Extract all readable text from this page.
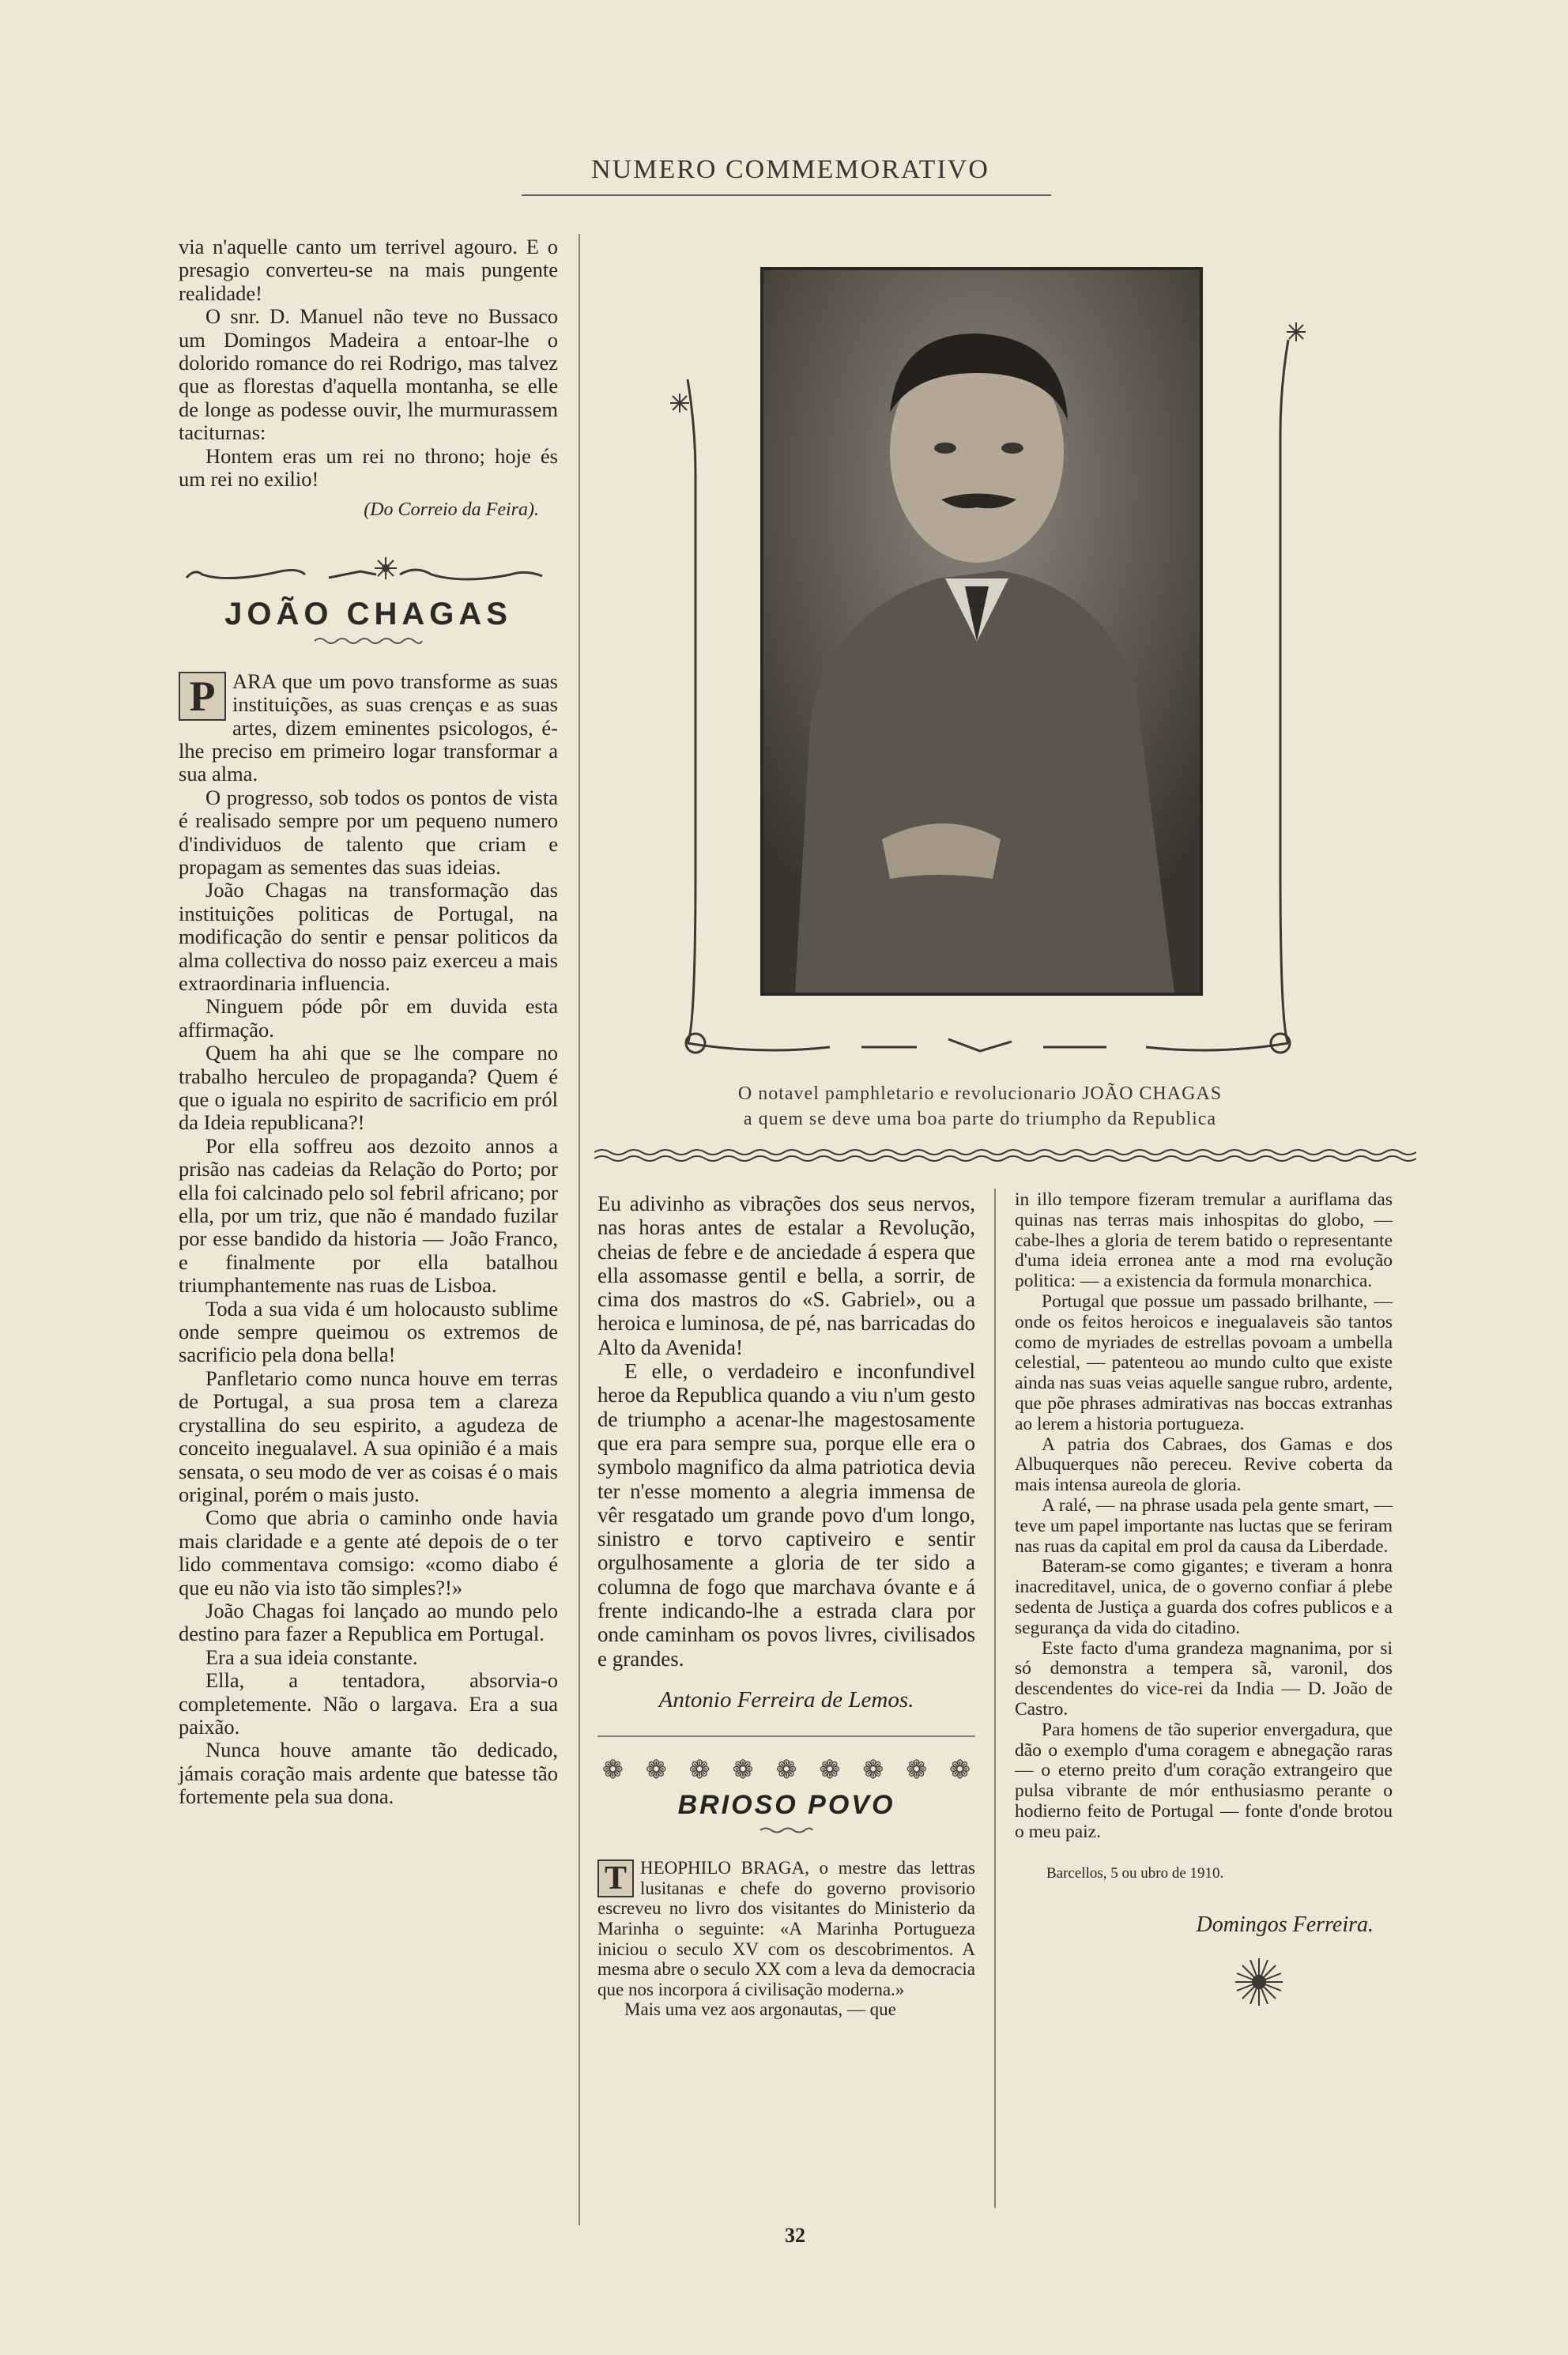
NUMERO COMMEMORATIVO

via n'aquelle canto um terrivel agouro. E o presagio converteu-se na mais pungente realidade!

O snr. D. Manuel não teve no Bussaco um Domingos Madeira a entoar-lhe o dolorido romance do rei Rodrigo, mas talvez que as florestas d'aquella montanha, se elle de longe as podesse ouvir, lhe murmurassem taciturnas:

Hontem eras um rei no throno; hoje és um rei no exilio!

(Do Correio da Feira).
JOÃO CHAGAS

P ARA que um povo transforme as suas instituições, as suas crenças e as suas artes, dizem eminentes psicologos, é-lhe preciso em primeiro logar transformar a sua alma.

O progresso, sob todos os pontos de vista é realisado sempre por um pequeno numero d'individuos de talento que criam e propagam as sementes das suas ideias.

João Chagas na transformação das instituições politicas de Portugal, na modificação do sentir e pensar politicos da alma collectiva do nosso paiz exerceu a mais extraordinaria influencia.

Ninguem póde pôr em duvida esta affirmação.

Quem ha ahi que se lhe compare no trabalho herculeo de propaganda? Quem é que o iguala no espirito de sacrificio em pról da Ideia republicana?!

Por ella soffreu aos dezoito annos a prisão nas cadeias da Relação do Porto; por ella foi calcinado pelo sol febril africano; por ella, por um triz, que não é mandado fuzilar por esse bandido da historia — João Franco, e finalmente por ella batalhou triumphantemente nas ruas de Lisboa.

Toda a sua vida é um holocausto sublime onde sempre queimou os extremos de sacrificio pela dona bella!

Panfletario como nunca houve em terras de Portugal, a sua prosa tem a clareza crystallina do seu espirito, a agudeza de conceito inegualavel. A sua opinião é a mais sensata, o seu modo de ver as coisas é o mais original, porém o mais justo.

Como que abria o caminho onde havia mais claridade e a gente até depois de o ter lido commentava comsigo: «como diabo é que eu não via isto tão simples?!»

João Chagas foi lançado ao mundo pelo destino para fazer a Republica em Portugal.

Era a sua ideia constante.

Ella, a tentadora, absorvia-o completemente. Não o largava. Era a sua paixão.

Nunca houve amante tão dedicado, jámais coração mais ardente que batesse tão fortemente pela sua dona.

O notavel pamphletario e revolucionario JOÃO CHAGAS
a quem se deve uma boa parte do triumpho da Republica

Eu adivinho as vibrações dos seus nervos, nas horas antes de estalar a Revolução, cheias de febre e de anciedade á espera que ella assomasse gentil e bella, a sorrir, de cima dos mastros do «S. Gabriel», ou a heroica e luminosa, de pé, nas barricadas do Alto da Avenida!

E elle, o verdadeiro e inconfundivel heroe da Republica quando a viu n'um gesto de triumpho a acenar-lhe magestosamente que era para sempre sua, porque elle era o symbolo magnifico da alma patriotica devia ter n'esse momento a alegria immensa de vêr resgatado um grande povo d'um longo, sinistro e torvo captiveiro e sentir orgulhosamente a gloria de ter sido a columna de fogo que marchava óvante e á frente indicando-lhe a estrada clara por onde caminham os povos livres, civilisados e grandes.

Antonio Ferreira de Lemos.
❁ ❁ ❁ ❁ ❁ ❁ ❁ ❁ ❁
BRIOSO POVO

T HEOPHILO BRAGA, o mestre das lettras lusitanas e chefe do governo provisorio escreveu no livro dos visitantes do Ministerio da Marinha o seguinte: «A Marinha Portugueza iniciou o seculo XV com os descobrimentos. A mesma abre o seculo XX com a leva da democracia que nos incorpora á civilisação moderna.»

Mais uma vez aos argonautas, — que

in illo tempore fizeram tremular a auriflama das quinas nas terras mais inhospitas do globo, — cabe-lhes a gloria de terem batido o representante d'uma ideia erronea ante a mod rna evolução politica: — a existencia da formula monarchica.

Portugal que possue um passado brilhante, — onde os feitos heroicos e inegualaveis são tantos como de myriades de estrellas povoam a umbella celestial, — patenteou ao mundo culto que existe ainda nas suas veias aquelle sangue rubro, ardente, que põe phrases admirativas nas boccas extranhas ao lerem a historia portugueza.

A patria dos Cabraes, dos Gamas e dos Albuquerques não pereceu. Revive coberta da mais intensa aureola de gloria.

A ralé, — na phrase usada pela gente smart, — teve um papel importante nas luctas que se feriram nas ruas da capital em prol da causa da Liberdade.

Bateram-se como gigantes; e tiveram a honra inacreditavel, unica, de o governo confiar á plebe sedenta de Justiça a guarda dos cofres publicos e a segurança da vida do citadino.

Este facto d'uma grandeza magnanima, por si só demonstra a tempera sã, varonil, dos descendentes do vice-rei da India — D. João de Castro.

Para homens de tão superior envergadura, que dão o exemplo d'uma coragem e abnegação raras — o eterno preito d'um coração extrangeiro que pulsa vibrante de mór enthusiasmo perante o hodierno feito de Portugal — fonte d'onde brotou o meu paiz.

Barcellos, 5 ou ubro de 1910.
Domingos Ferreira.
32
